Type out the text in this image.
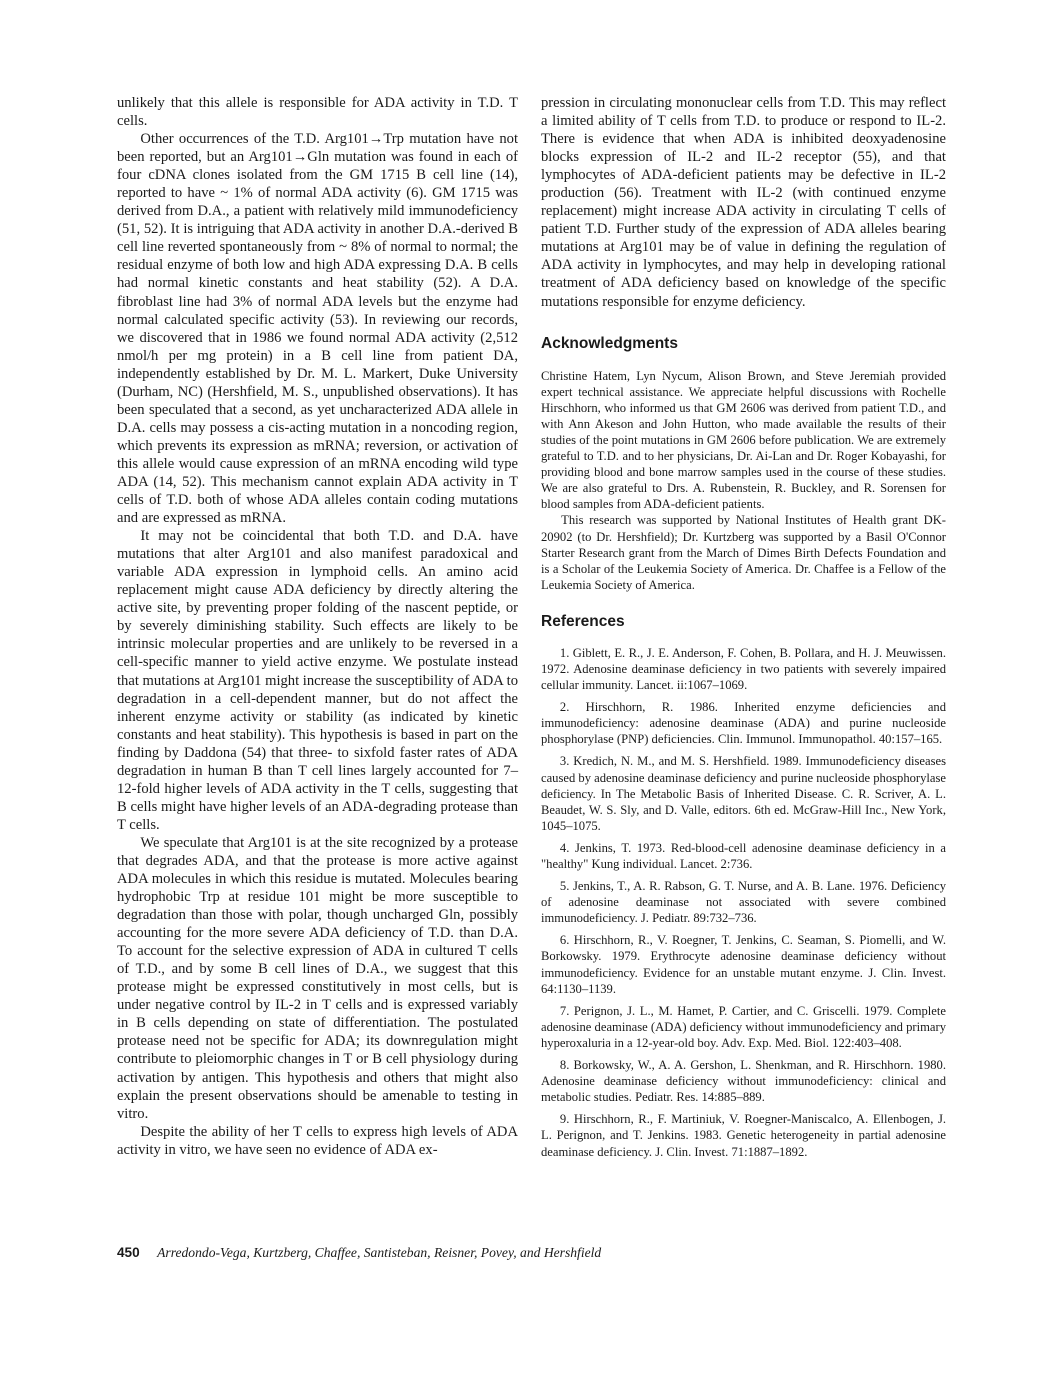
unlikely that this allele is responsible for ADA activity in T.D. T cells.

Other occurrences of the T.D. Arg101→Trp mutation have not been reported, but an Arg101→Gln mutation was found in each of four cDNA clones isolated from the GM 1715 B cell line (14), reported to have ~ 1% of normal ADA activity (6). GM 1715 was derived from D.A., a patient with relatively mild immunodeficiency (51, 52). It is intriguing that ADA activity in another D.A.-derived B cell line reverted spontaneously from ~ 8% of normal to normal; the residual enzyme of both low and high ADA expressing D.A. B cells had normal kinetic constants and heat stability (52). A D.A. fibroblast line had 3% of normal ADA levels but the enzyme had normal calculated specific activity (53). In reviewing our records, we discovered that in 1986 we found normal ADA activity (2,512 nmol/h per mg protein) in a B cell line from patient DA, independently established by Dr. M. L. Markert, Duke University (Durham, NC) (Hershfield, M. S., unpublished observations). It has been speculated that a second, as yet uncharacterized ADA allele in D.A. cells may possess a cis-acting mutation in a noncoding region, which prevents its expression as mRNA; reversion, or activation of this allele would cause expression of an mRNA encoding wild type ADA (14, 52). This mechanism cannot explain ADA activity in T cells of T.D. both of whose ADA alleles contain coding mutations and are expressed as mRNA.

It may not be coincidental that both T.D. and D.A. have mutations that alter Arg101 and also manifest paradoxical and variable ADA expression in lymphoid cells. An amino acid replacement might cause ADA deficiency by directly altering the active site, by preventing proper folding of the nascent peptide, or by severely diminishing stability. Such effects are likely to be intrinsic molecular properties and are unlikely to be reversed in a cell-specific manner to yield active enzyme. We postulate instead that mutations at Arg101 might increase the susceptibility of ADA to degradation in a cell-dependent manner, but do not affect the inherent enzyme activity or stability (as indicated by kinetic constants and heat stability). This hypothesis is based in part on the finding by Daddona (54) that three- to sixfold faster rates of ADA degradation in human B than T cell lines largely accounted for 7–12-fold higher levels of ADA activity in the T cells, suggesting that B cells might have higher levels of an ADA-degrading protease than T cells.

We speculate that Arg101 is at the site recognized by a protease that degrades ADA, and that the protease is more active against ADA molecules in which this residue is mutated. Molecules bearing hydrophobic Trp at residue 101 might be more susceptible to degradation than those with polar, though uncharged Gln, possibly accounting for the more severe ADA deficiency of T.D. than D.A. To account for the selective expression of ADA in cultured T cells of T.D., and by some B cell lines of D.A., we suggest that this protease might be expressed constitutively in most cells, but is under negative control by IL-2 in T cells and is expressed variably in B cells depending on state of differentiation. The postulated protease need not be specific for ADA; its downregulation might contribute to pleiomorphic changes in T or B cell physiology during activation by antigen. This hypothesis and others that might also explain the present observations should be amenable to testing in vitro.

Despite the ability of her T cells to express high levels of ADA activity in vitro, we have seen no evidence of ADA ex-

pression in circulating mononuclear cells from T.D. This may reflect a limited ability of T cells from T.D. to produce or respond to IL-2. There is evidence that when ADA is inhibited deoxyadenosine blocks expression of IL-2 and IL-2 receptor (55), and that lymphocytes of ADA-deficient patients may be defective in IL-2 production (56). Treatment with IL-2 (with continued enzyme replacement) might increase ADA activity in circulating T cells of patient T.D. Further study of the expression of ADA alleles bearing mutations at Arg101 may be of value in defining the regulation of ADA activity in lymphocytes, and may help in developing rational treatment of ADA deficiency based on knowledge of the specific mutations responsible for enzyme deficiency.

Acknowledgments

Christine Hatem, Lyn Nycum, Alison Brown, and Steve Jeremiah provided expert technical assistance. We appreciate helpful discussions with Rochelle Hirschhorn, who informed us that GM 2606 was derived from patient T.D., and with Ann Akeson and John Hutton, who made available the results of their studies of the point mutations in GM 2606 before publication. We are extremely grateful to T.D. and to her physicians, Dr. Ai-Lan and Dr. Roger Kobayashi, for providing blood and bone marrow samples used in the course of these studies. We are also grateful to Drs. A. Rubenstein, R. Buckley, and R. Sorensen for blood samples from ADA-deficient patients.

This research was supported by National Institutes of Health grant DK-20902 (to Dr. Hershfield); Dr. Kurtzberg was supported by a Basil O'Connor Starter Research grant from the March of Dimes Birth Defects Foundation and is a Scholar of the Leukemia Society of America. Dr. Chaffee is a Fellow of the Leukemia Society of America.

References
1. Giblett, E. R., J. E. Anderson, F. Cohen, B. Pollara, and H. J. Meuwissen. 1972. Adenosine deaminase deficiency in two patients with severely impaired cellular immunity. Lancet. ii:1067–1069.
2. Hirschhorn, R. 1986. Inherited enzyme deficiencies and immunodeficiency: adenosine deaminase (ADA) and purine nucleoside phosphorylase (PNP) deficiencies. Clin. Immunol. Immunopathol. 40:157–165.
3. Kredich, N. M., and M. S. Hershfield. 1989. Immunodeficiency diseases caused by adenosine deaminase deficiency and purine nucleoside phosphorylase deficiency. In The Metabolic Basis of Inherited Disease. C. R. Scriver, A. L. Beaudet, W. S. Sly, and D. Valle, editors. 6th ed. McGraw-Hill Inc., New York, 1045–1075.
4. Jenkins, T. 1973. Red-blood-cell adenosine deaminase deficiency in a "healthy" Kung individual. Lancet. 2:736.
5. Jenkins, T., A. R. Rabson, G. T. Nurse, and A. B. Lane. 1976. Deficiency of adenosine deaminase not associated with severe combined immunodeficiency. J. Pediatr. 89:732–736.
6. Hirschhorn, R., V. Roegner, T. Jenkins, C. Seaman, S. Piomelli, and W. Borkowsky. 1979. Erythrocyte adenosine deaminase deficiency without immunodeficiency. Evidence for an unstable mutant enzyme. J. Clin. Invest. 64:1130–1139.
7. Perignon, J. L., M. Hamet, P. Cartier, and C. Griscelli. 1979. Complete adenosine deaminase (ADA) deficiency without immunodeficiency and primary hyperoxaluria in a 12-year-old boy. Adv. Exp. Med. Biol. 122:403–408.
8. Borkowsky, W., A. A. Gershon, L. Shenkman, and R. Hirschhorn. 1980. Adenosine deaminase deficiency without immunodeficiency: clinical and metabolic studies. Pediatr. Res. 14:885–889.
9. Hirschhorn, R., F. Martiniuk, V. Roegner-Maniscalco, A. Ellenbogen, J. L. Perignon, and T. Jenkins. 1983. Genetic heterogeneity in partial adenosine deaminase deficiency. J. Clin. Invest. 71:1887–1892.
450 Arredondo-Vega, Kurtzberg, Chaffee, Santisteban, Reisner, Povey, and Hershfield
